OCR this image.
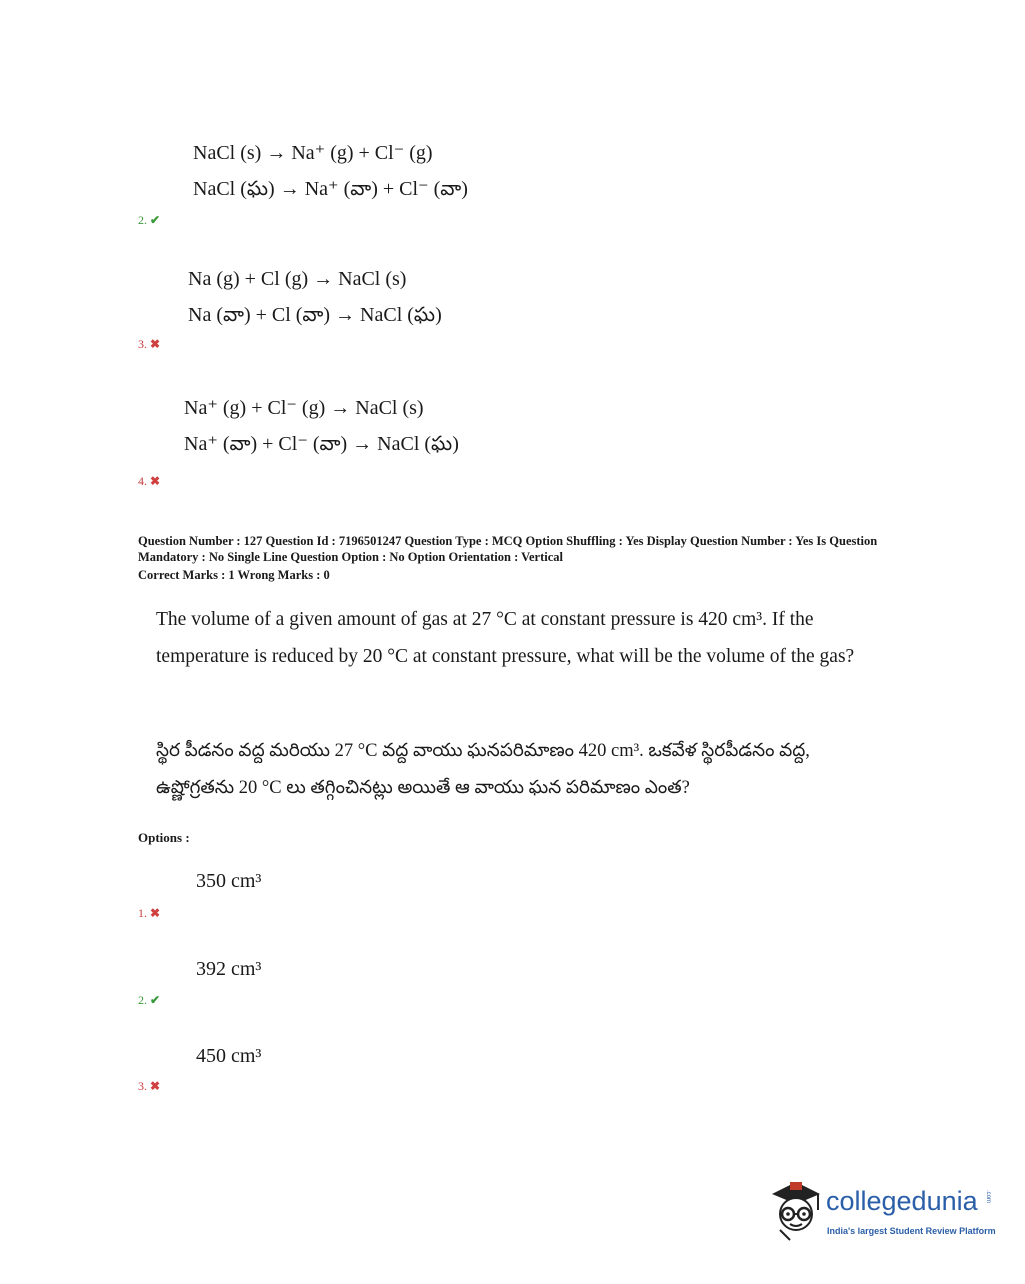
NaCl (s) → Na⁺ (g) + Cl⁻ (g)
NaCl (ఘ) → Na⁺ (వా) + Cl⁻ (వా)
2. ✔
Na (g) + Cl (g) → NaCl (s)
Na (వా) + Cl (వా) → NaCl (ఘ)
3. ✖
Na⁺ (g) + Cl⁻ (g) → NaCl (s)
Na⁺ (వా) + Cl⁻ (వా) → NaCl (ఘ)
4. ✖
Question Number : 127 Question Id : 7196501247 Question Type : MCQ Option Shuffling : Yes Display Question Number : Yes Is Question Mandatory : No Single Line Question Option : No Option Orientation : Vertical
Correct Marks : 1 Wrong Marks : 0
The volume of a given amount of gas at 27 °C at constant pressure is 420 cm³. If the temperature is reduced by 20 °C at constant pressure, what will be the volume of the gas?
స్థిర పీడనం వద్ద మరియు 27 °C వద్ద వాయు ఘనపరిమాణం 420 cm³. ఒకవేళ స్థిరపీడనం వద్ద, ఉష్ణోగ్రతను 20 °C లు తగ్గించినట్లు అయితే ఆ వాయు ఘన పరిమాణం ఎంత?
Options :
350 cm³
1. ✖
392 cm³
2. ✔
450 cm³
3. ✖
collegedunia .com
India's largest Student Review Platform
